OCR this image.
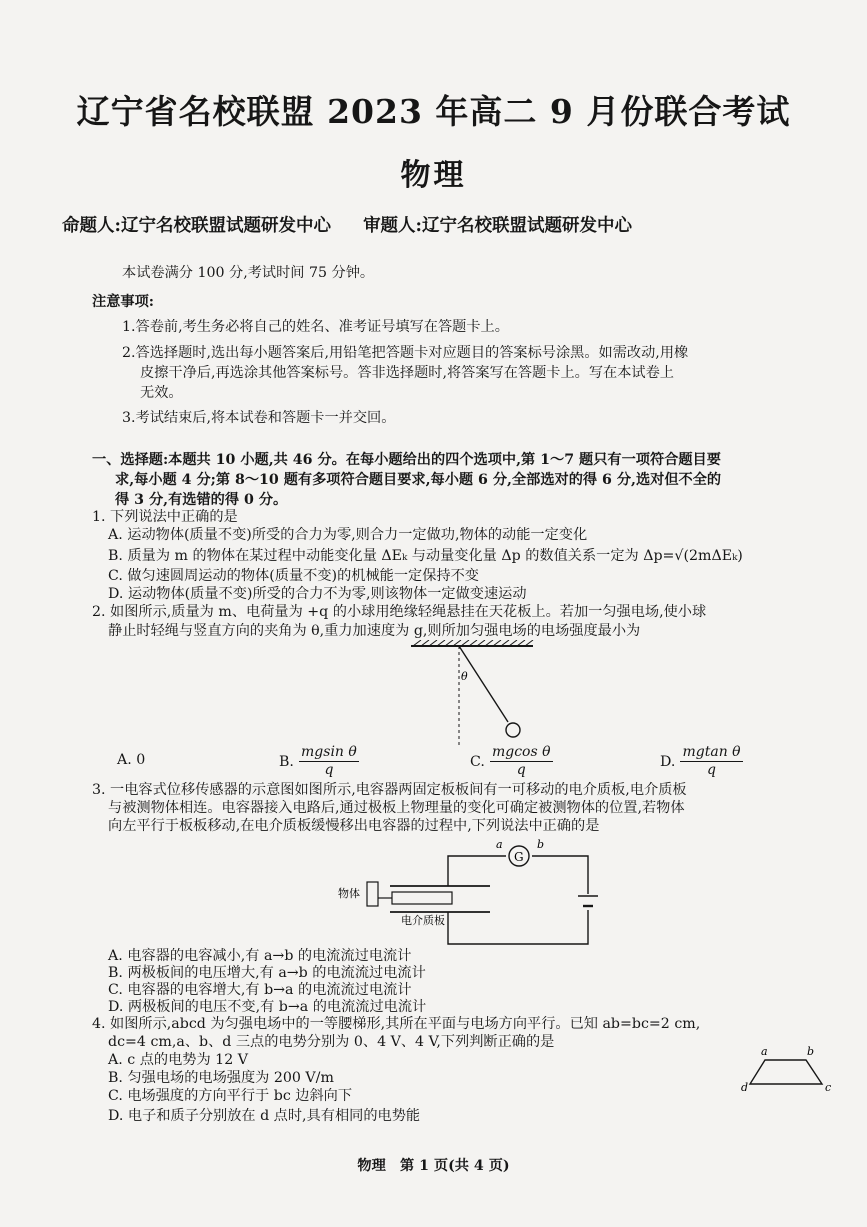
辽宁省名校联盟 2023 年高二 9 月份联合考试
物理
命题人:辽宁名校联盟试题研发中心 审题人:辽宁名校联盟试题研发中心
本试卷满分 100 分,考试时间 75 分钟。
注意事项:
1.答卷前,考生务必将自己的姓名、准考证号填写在答题卡上。
2.答选择题时,选出每小题答案后,用铅笔把答题卡对应题目的答案标号涂黑。如需改动,用橡
皮擦干净后,再选涂其他答案标号。答非选择题时,将答案写在答题卡上。写在本试卷上
无效。
3.考试结束后,将本试卷和答题卡一并交回。
一、选择题:本题共 10 小题,共 46 分。在每小题给出的四个选项中,第 1～7 题只有一项符合题目要
求,每小题 4 分;第 8～10 题有多项符合题目要求,每小题 6 分,全部选对的得 6 分,选对但不全的
得 3 分,有选错的得 0 分。
1. 下列说法中正确的是
A. 运动物体(质量不变)所受的合力为零,则合力一定做功,物体的动能一定变化
B. 质量为 m 的物体在某过程中动能变化量 ΔEₖ 与动量变化量 Δp 的数值关系一定为 Δp=√(2mΔEₖ)
C. 做匀速圆周运动的物体(质量不变)的机械能一定保持不变
D. 运动物体(质量不变)所受的合力不为零,则该物体一定做变速运动
2. 如图所示,质量为 m、电荷量为 +q 的小球用绝缘轻绳悬挂在天花板上。若加一匀强电场,使小球
静止时轻绳与竖直方向的夹角为 θ,重力加速度为 g,则所加匀强电场的电场强度最小为
θ
A. 0	B. $\frac{\text{mgsin θ}}{q}$	C. $\frac{\text{mgcos θ}}{q}$	D. $\frac{\text{mgtan θ}}{q}$
3. 一电容式位移传感器的示意图如图所示,电容器两固定板板间有一可移动的电介质板,电介质板
与被测物体相连。电容器接入电路后,通过极板上物理量的变化可确定被测物体的位置,若物体
向左平行于板板移动,在电介质板缓慢移出电容器的过程中,下列说法中正确的是
G
a	b
物体
电介质板
A. 电容器的电容减小,有 a→b 的电流流过电流计
B. 两极板间的电压增大,有 a→b 的电流流过电流计
C. 电容器的电容增大,有 b→a 的电流流过电流计
D. 两极板间的电压不变,有 b→a 的电流流过电流计
4. 如图所示,abcd 为匀强电场中的一等腰梯形,其所在平面与电场方向平行。已知 ab=bc=2 cm,
dc=4 cm,a、b、d 三点的电势分别为 0、4 V、4 V,下列判断正确的是
A. c 点的电势为 12 V
B. 匀强电场的电场强度为 200 V/m
C. 电场强度的方向平行于 bc 边斜向下
D. 电子和质子分别放在 d 点时,具有相同的电势能
a	b
c
d
物理　第 1 页(共 4 页)
